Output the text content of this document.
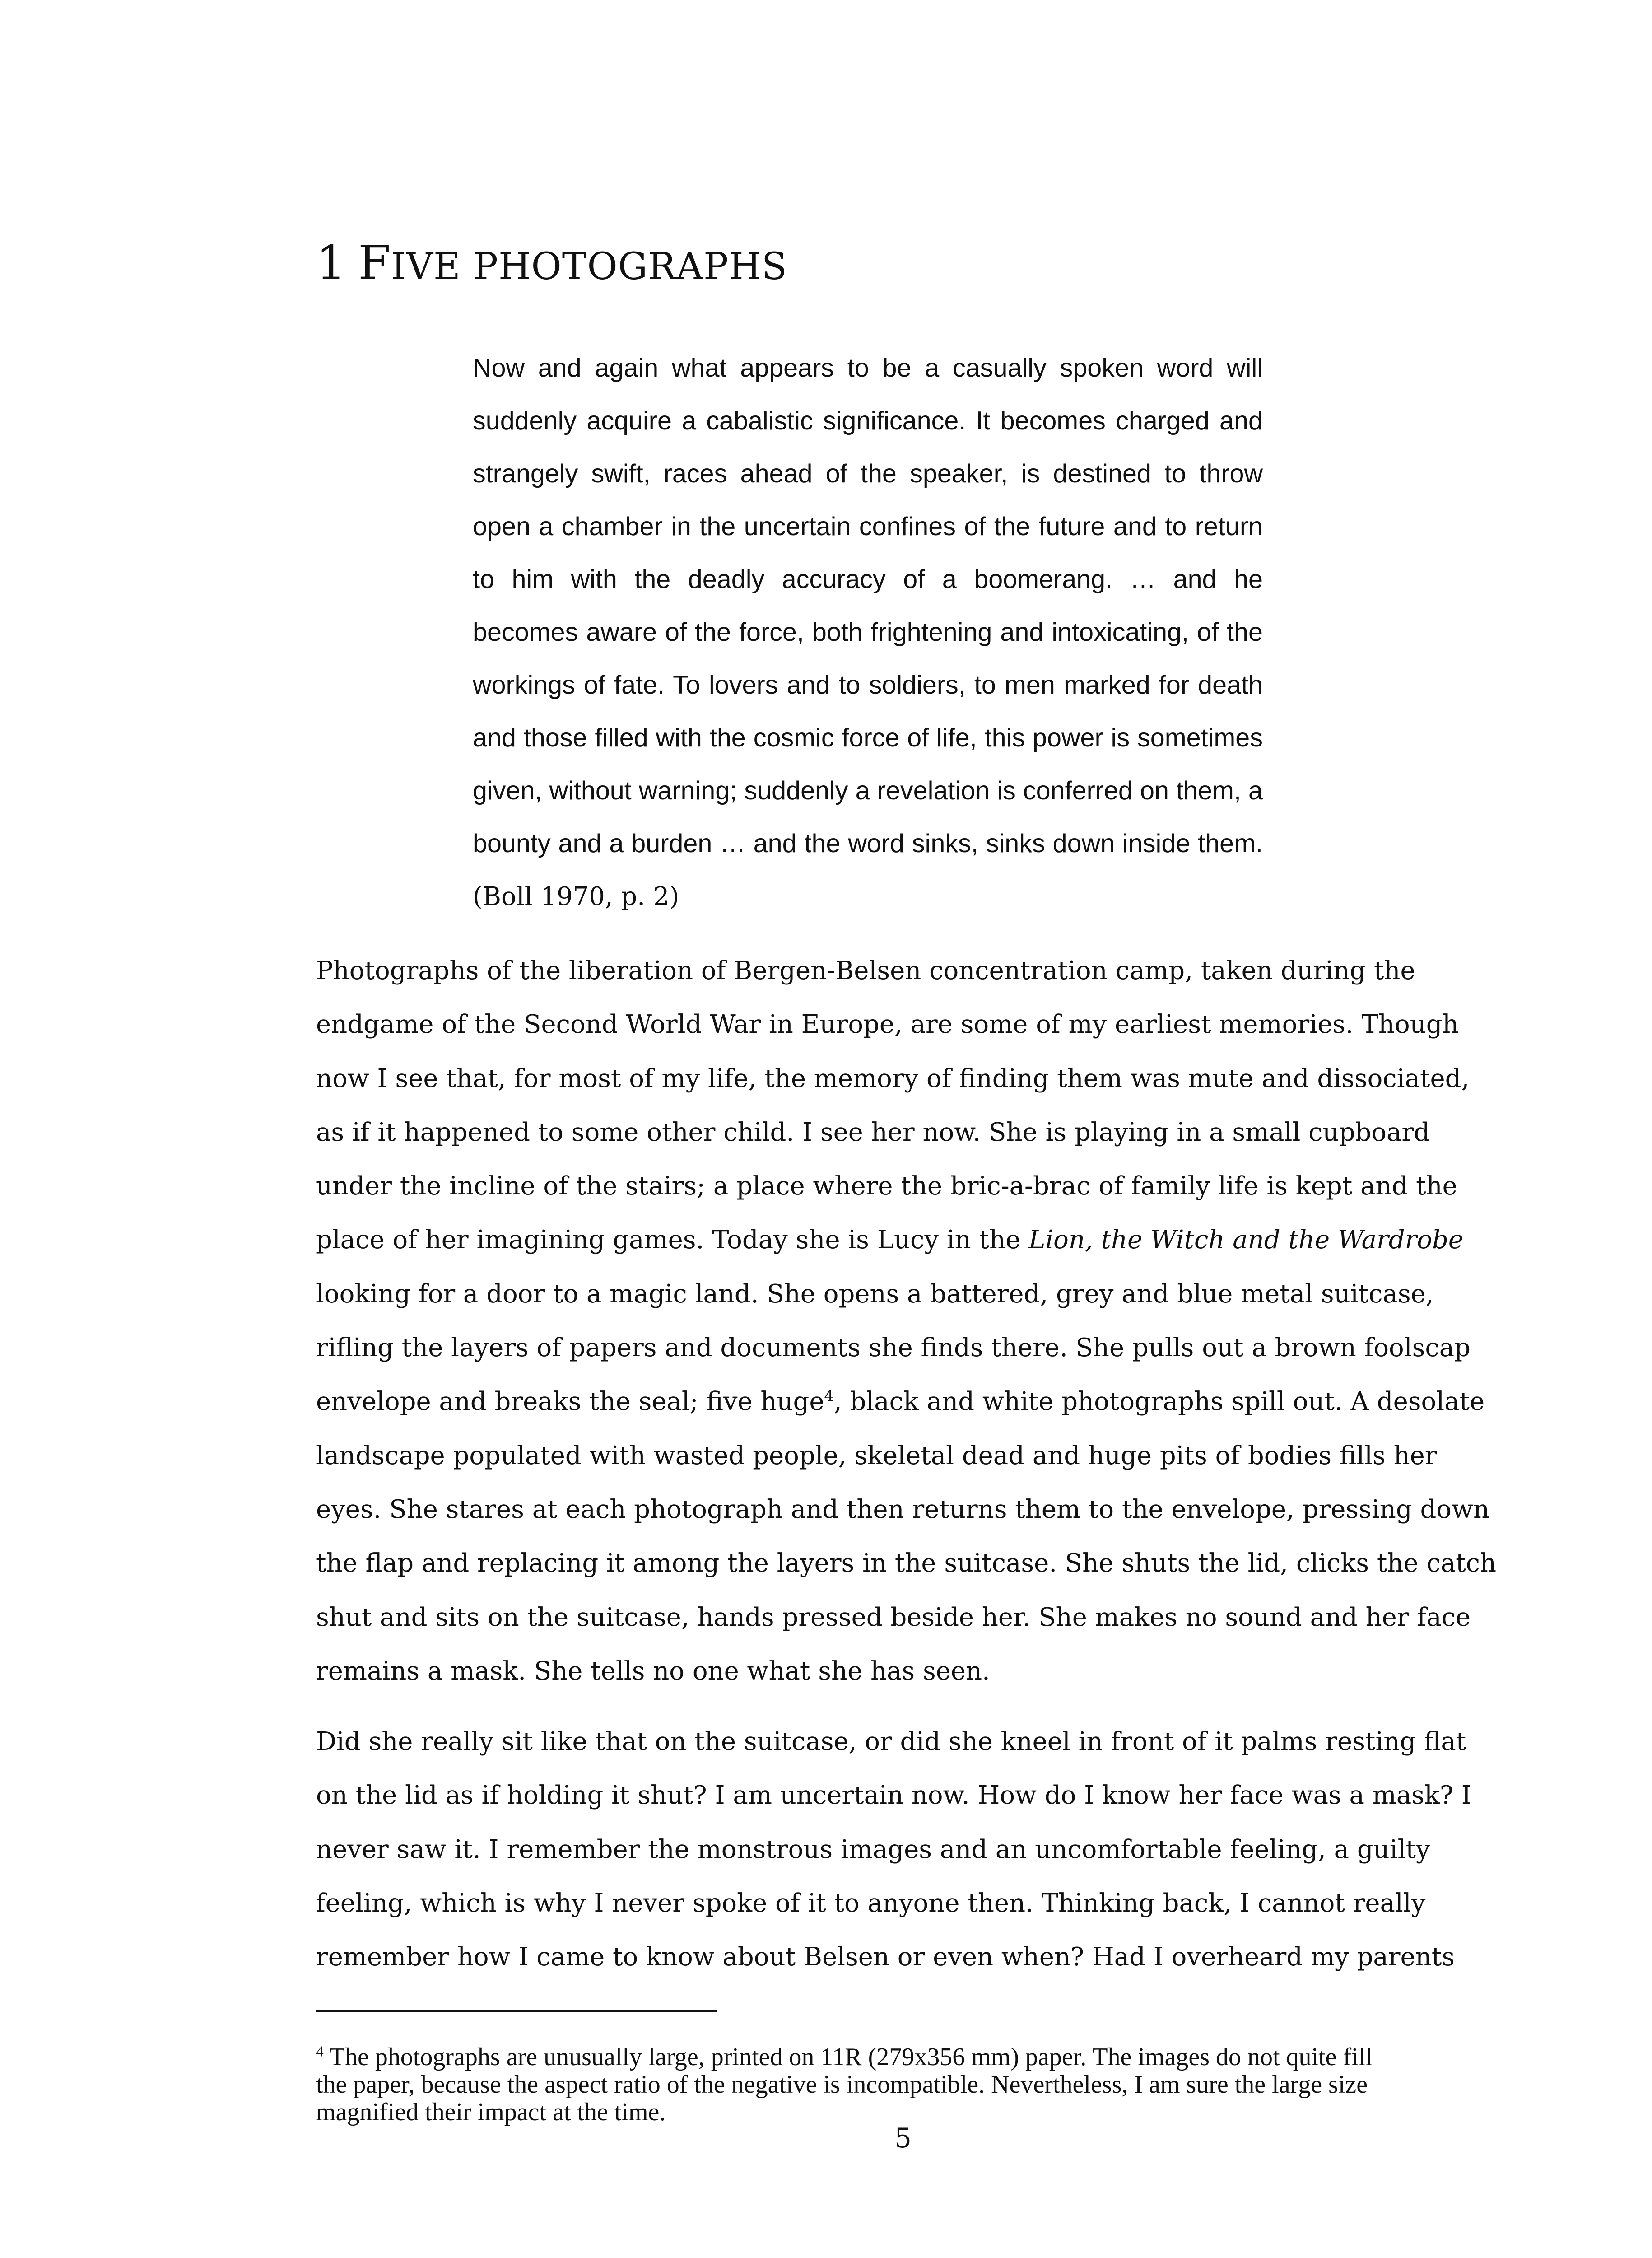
1 FIVE PHOTOGRAPHS
Now and again what appears to be a casually spoken word will suddenly acquire a cabalistic significance. It becomes charged and strangely swift, races ahead of the speaker, is destined to throw open a chamber in the uncertain confines of the future and to return to him with the deadly accuracy of a boomerang. … and he becomes aware of the force, both frightening and intoxicating, of the workings of fate. To lovers and to soldiers, to men marked for death and those filled with the cosmic force of life, this power is sometimes given, without warning; suddenly a revelation is conferred on them, a bounty and a burden … and the word sinks, sinks down inside them. (Boll 1970, p. 2)

Photographs of the liberation of Bergen-Belsen concentration camp, taken during the
endgame of the Second World War in Europe, are some of my earliest memories. Though
now I see that, for most of my life, the memory of finding them was mute and dissociated,
as if it happened to some other child. I see her now. She is playing in a small cupboard
under the incline of the stairs; a place where the bric-a-brac of family life is kept and the
place of her imagining games. Today she is Lucy in the Lion, the Witch and the Wardrobe
looking for a door to a magic land. She opens a battered, grey and blue metal suitcase,
rifling the layers of papers and documents she finds there. She pulls out a brown foolscap
envelope and breaks the seal; five huge$^4$, black and white photographs spill out. A desolate
landscape populated with wasted people, skeletal dead and huge pits of bodies fills her
eyes. She stares at each photograph and then returns them to the envelope, pressing down
the flap and replacing it among the layers in the suitcase. She shuts the lid, clicks the catch
shut and sits on the suitcase, hands pressed beside her. She makes no sound and her face
remains a mask. She tells no one what she has seen.

Did she really sit like that on the suitcase, or did she kneel in front of it palms resting flat
on the lid as if holding it shut? I am uncertain now. How do I know her face was a mask? I
never saw it. I remember the monstrous images and an uncomfortable feeling, a guilty
feeling, which is why I never spoke of it to anyone then. Thinking back, I cannot really
remember how I came to know about Belsen or even when? Had I overheard my parents

$^4$ The photographs are unusually large, printed on 11R (279x356 mm) paper. The images do not quite fill
the paper, because the aspect ratio of the negative is incompatible. Nevertheless, I am sure the large size
magnified their impact at the time.

5
